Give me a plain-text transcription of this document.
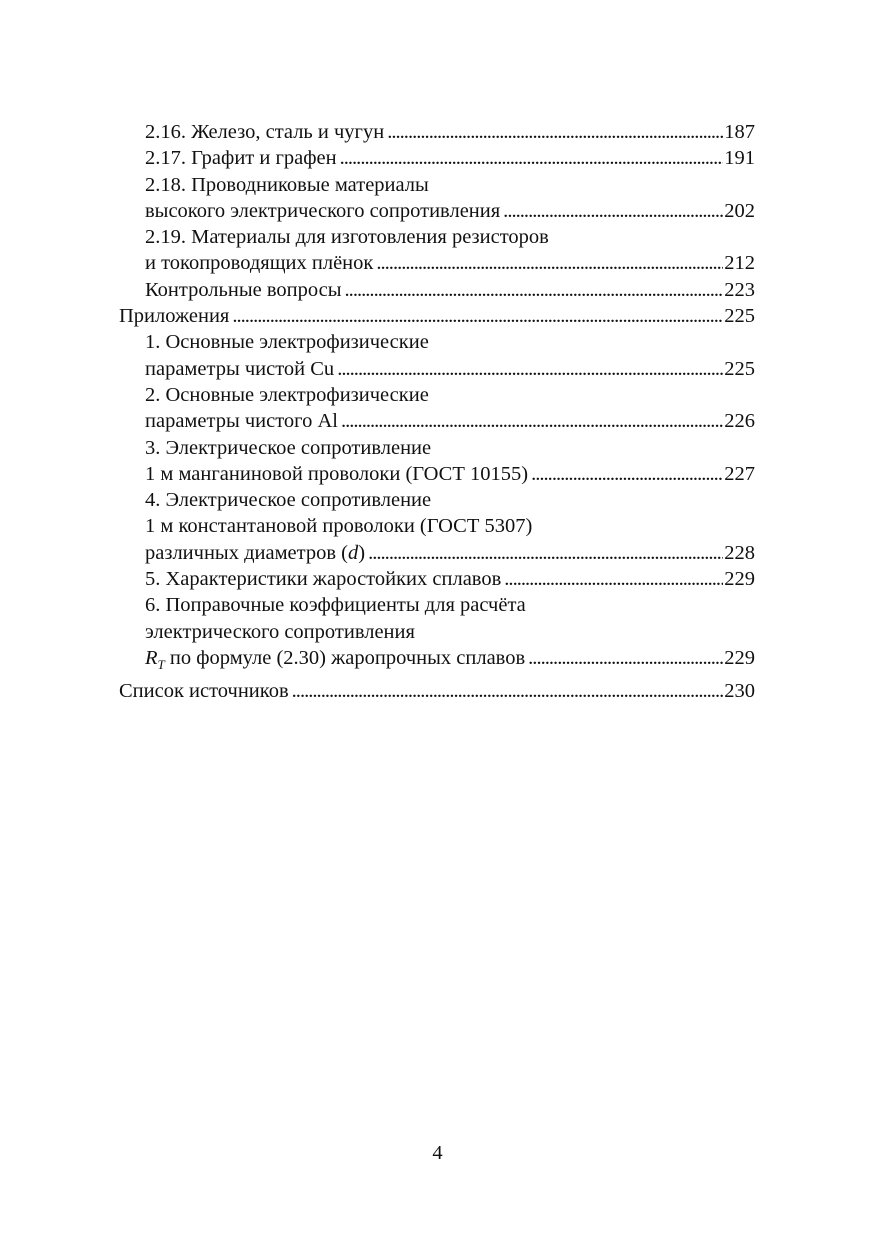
2.16. Железо, сталь и чугун . . .	187
2.17. Графит и графен . . .	191
2.18. Проводниковые материалы
высокого электрического сопротивления . . .	202
2.19. Материалы для изготовления резисторов
и токопроводящих плёнок . . .	212
Контрольные вопросы . . .	223
Приложения . . .	225
1. Основные электрофизические
параметры чистой Cu . . .	225
2. Основные электрофизические
параметры чистого Al . . .	226
3. Электрическое сопротивление
1 м манганиновой проволоки (ГОСТ 10155) . . .	227
4. Электрическое сопротивление
1 м константановой проволоки (ГОСТ 5307)
различных диаметров (d) . . .	228
5. Характеристики жаростойких сплавов . . .	229
6. Поправочные коэффициенты для расчёта
электрического сопротивления
$R_T$ по формуле (2.30) жаропрочных сплавов . . .	229
Список источников . . .	230
4
